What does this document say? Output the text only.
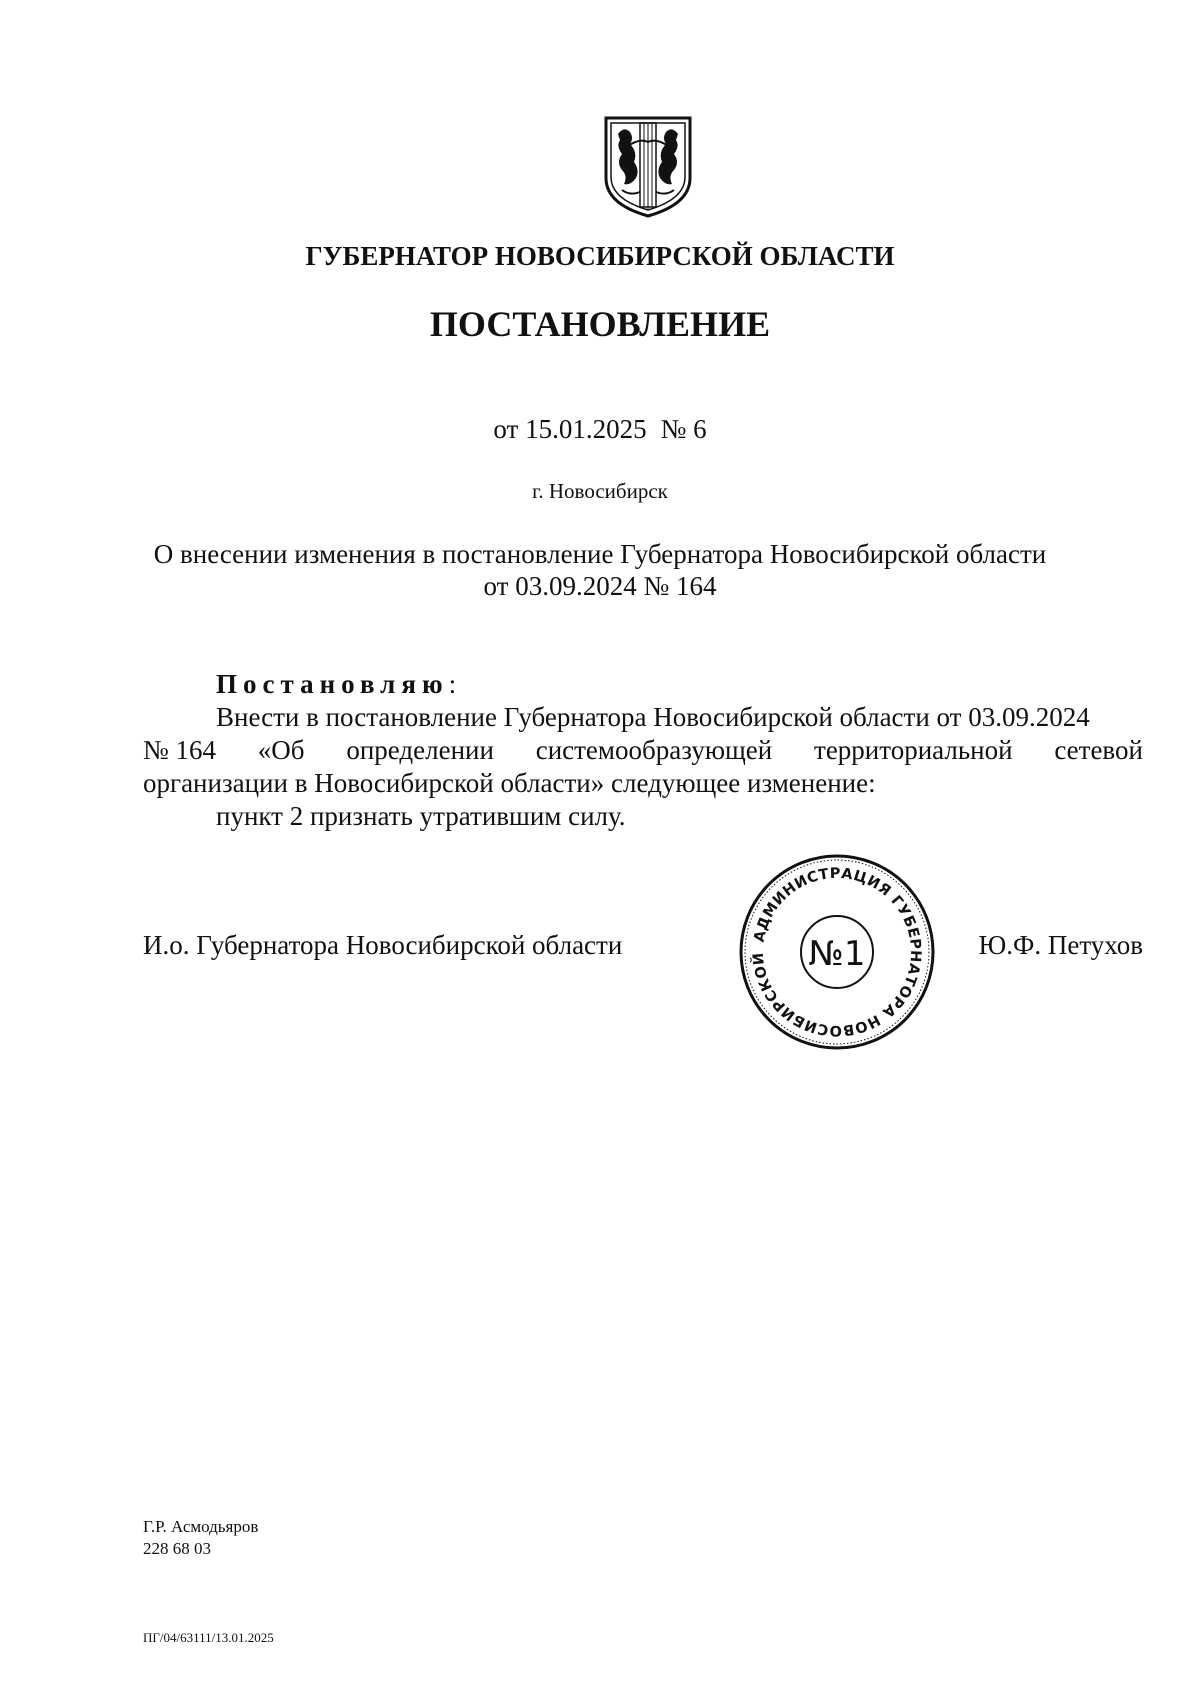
ГУБЕРНАТОР НОВОСИБИРСКОЙ ОБЛАСТИ
ПОСТАНОВЛЕНИЕ
от 15.01.2025 № 6
г. Новосибирск
О внесении изменения в постановление Губернатора Новосибирской области
от 03.09.2024 № 164

Постановляю:

Внести в постановление Губернатора Новосибирской области от 03.09.2024

№ 164 «Об определении системообразующей территориальной сетевой

организации в Новосибирской области» следующее изменение:

пункт 2 признать утратившим силу.

И.о. Губернатора Новосибирской области	Ю.Ф. Петухов
АДМИНИСТРАЦИЯ ГУБЕРНАТОРА НОВОСИБИРСКОЙ	№1
Г.Р. Асмодьяров
228 68 03
ПГ/04/63111/13.01.2025
